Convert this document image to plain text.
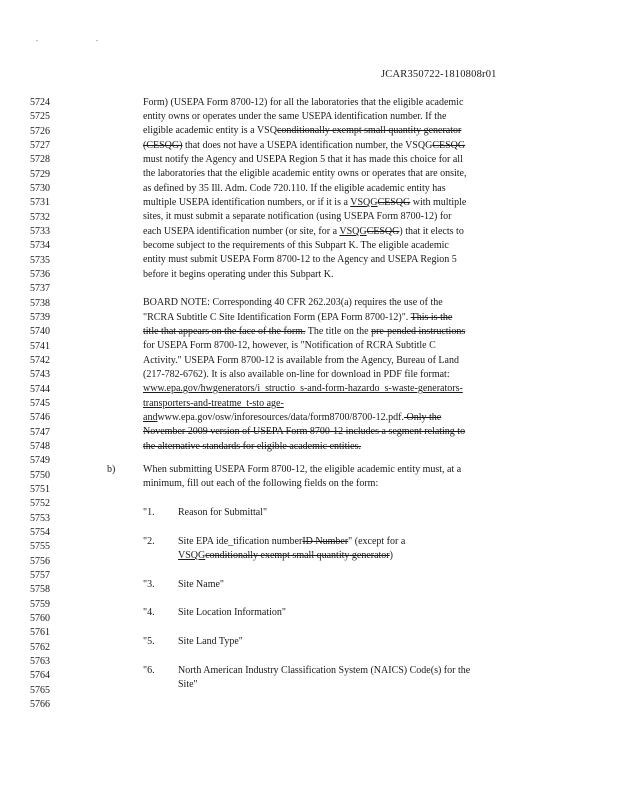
. .
JCAR350722-1810808r01
5724
5725
5726
5727
5728
5729
5730
5731
5732
5733
5734
5735
5736
5737
5738
5739
5740
5741
5742
5743
5744
5745
5746
5747
5748
5749
5750
5751
5752
5753
5754
5755
5756
5757
5758
5759
5760
5761
5762
5763
5764
5765
5766
Form) (USEPA Form 8700-12) for all the laboratories that the eligible academic
entity owns or operates under the same USEPA identification number. If the
eligible academic entity is a VSQconditionally exempt small quantity generator
(CESQG) that does not have a USEPA identification number, the VSQGCESQG
must notify the Agency and USEPA Region 5 that it has made this choice for all
the laboratories that the eligible academic entity owns or operates that are onsite,
as defined by 35 Ill. Adm. Code 720.110. If the eligible academic entity has
multiple USEPA identification numbers, or if it is a VSQGCESQG with multiple
sites, it must submit a separate notification (using USEPA Form 8700-12) for
each USEPA identification number (or site, for a VSQGCESQG) that it elects to
become subject to the requirements of this Subpart K. The eligible academic
entity must submit USEPA Form 8700-12 to the Agency and USEPA Region 5
before it begins operating under this Subpart K.
BOARD NOTE: Corresponding 40 CFR 262.203(a) requires the use of the
"RCRA Subtitle C Site Identification Form (EPA Form 8700-12)". This is the
title that appears on the face of the form. The title on the pre-pended instructions
for USEPA Form 8700-12, however, is "Notification of RCRA Subtitle C
Activity." USEPA Form 8700-12 is available from the Agency, Bureau of Land
(217-782-6762). It is also available on-line for download in PDF file format:
www.epa.gov/hwgenerators/i_structio_s-and-form-hazardo_s-waste-generators-
transporters-and-treatme_t-sto age-
andwww.epa.gov/osw/inforesources/data/form8700/8700-12.pdf. Only the
November 2009 version of USEPA Form 8700-12 includes a segment relating to
the alternative standards for eligible academic entities.
b)	When submitting USEPA Form 8700-12, the eligible academic entity must, at a
minimum, fill out each of the following fields on the form:
"1. Reason for Submittal"
"2. Site EPA ide_tification numberID Number" (except for a
VSQGconditionally exempt small quantity generator)
"3. Site Name"
"4. Site Location Information"
"5. Site Land Type"
"6. North American Industry Classification System (NAICS) Code(s) for the
Site"
